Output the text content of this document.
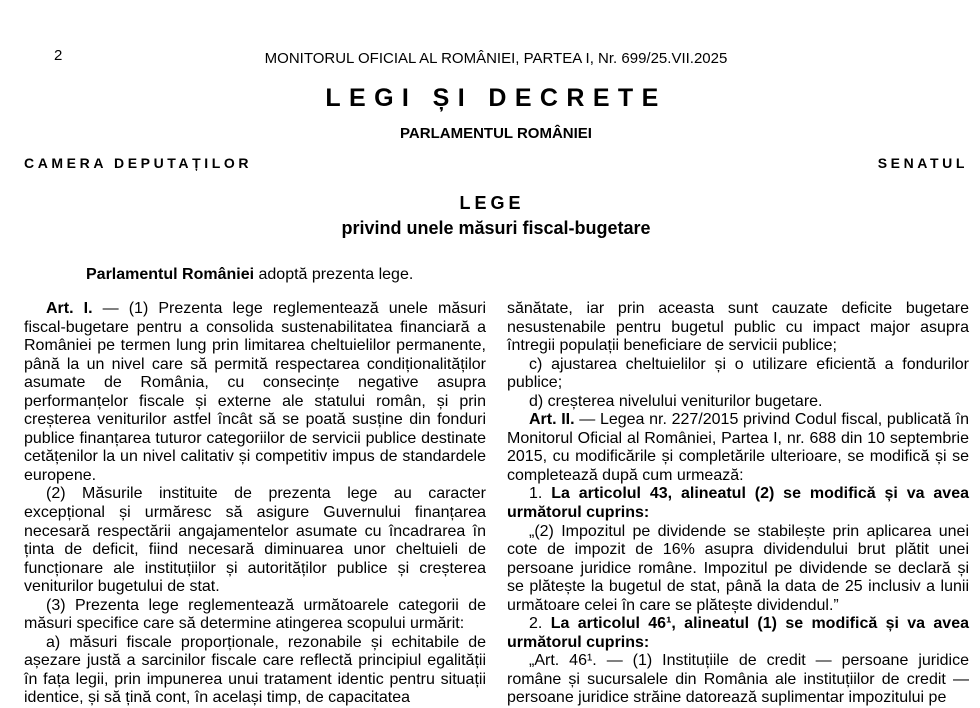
2	MONITORUL OFICIAL AL ROMÂNIEI, PARTEA I, Nr. 699/25.VII.2025
LEGI ȘI DECRETE
PARLAMENTUL ROMÂNIEI
CAMERA DEPUTAȚILOR	SENATUL
LEGE
privind unele măsuri fiscal-bugetare
Parlamentul României adoptă prezenta lege.

Art. I. — (1) Prezenta lege reglementează unele măsuri fiscal-bugetare pentru a consolida sustenabilitatea financiară a României pe termen lung prin limitarea cheltuielilor permanente, până la un nivel care să permită respectarea condiționalităților asumate de România, cu consecințe negative asupra performanțelor fiscale și externe ale statului român, și prin creșterea veniturilor astfel încât să se poată susține din fonduri publice finanțarea tuturor categoriilor de servicii publice destinate cetățenilor la un nivel calitativ și competitiv impus de standardele europene.

(2) Măsurile instituite de prezenta lege au caracter excepțional și urmăresc să asigure Guvernului finanțarea necesară respectării angajamentelor asumate cu încadrarea în ținta de deficit, fiind necesară diminuarea unor cheltuieli de funcționare ale instituțiilor și autorităților publice și creșterea veniturilor bugetului de stat.

(3) Prezenta lege reglementează următoarele categorii de măsuri specifice care să determine atingerea scopului urmărit:

a) măsuri fiscale proporționale, rezonabile și echitabile de așezare justă a sarcinilor fiscale care reflectă principiul egalității în fața legii, prin impunerea unui tratament identic pentru situații identice, și să țină cont, în același timp, de capacitatea

sănătate, iar prin aceasta sunt cauzate deficite bugetare nesustenabile pentru bugetul public cu impact major asupra întregii populații beneficiare de servicii publice;

c) ajustarea cheltuielilor și o utilizare eficientă a fondurilor publice;

d) creșterea nivelului veniturilor bugetare.

Art. II. — Legea nr. 227/2015 privind Codul fiscal, publicată în Monitorul Oficial al României, Partea I, nr. 688 din 10 septembrie 2015, cu modificările și completările ulterioare, se modifică și se completează după cum urmează:

1. La articolul 43, alineatul (2) se modifică și va avea următorul cuprins:

„(2) Impozitul pe dividende se stabilește prin aplicarea unei cote de impozit de 16% asupra dividendului brut plătit unei persoane juridice române. Impozitul pe dividende se declară și se plătește la bugetul de stat, până la data de 25 inclusiv a lunii următoare celei în care se plătește dividendul.”

2. La articolul 46¹, alineatul (1) se modifică și va avea următorul cuprins:

„Art. 46¹. — (1) Instituțiile de credit — persoane juridice române și sucursalele din România ale instituțiilor de credit — persoane juridice străine datorează suplimentar impozitului pe
